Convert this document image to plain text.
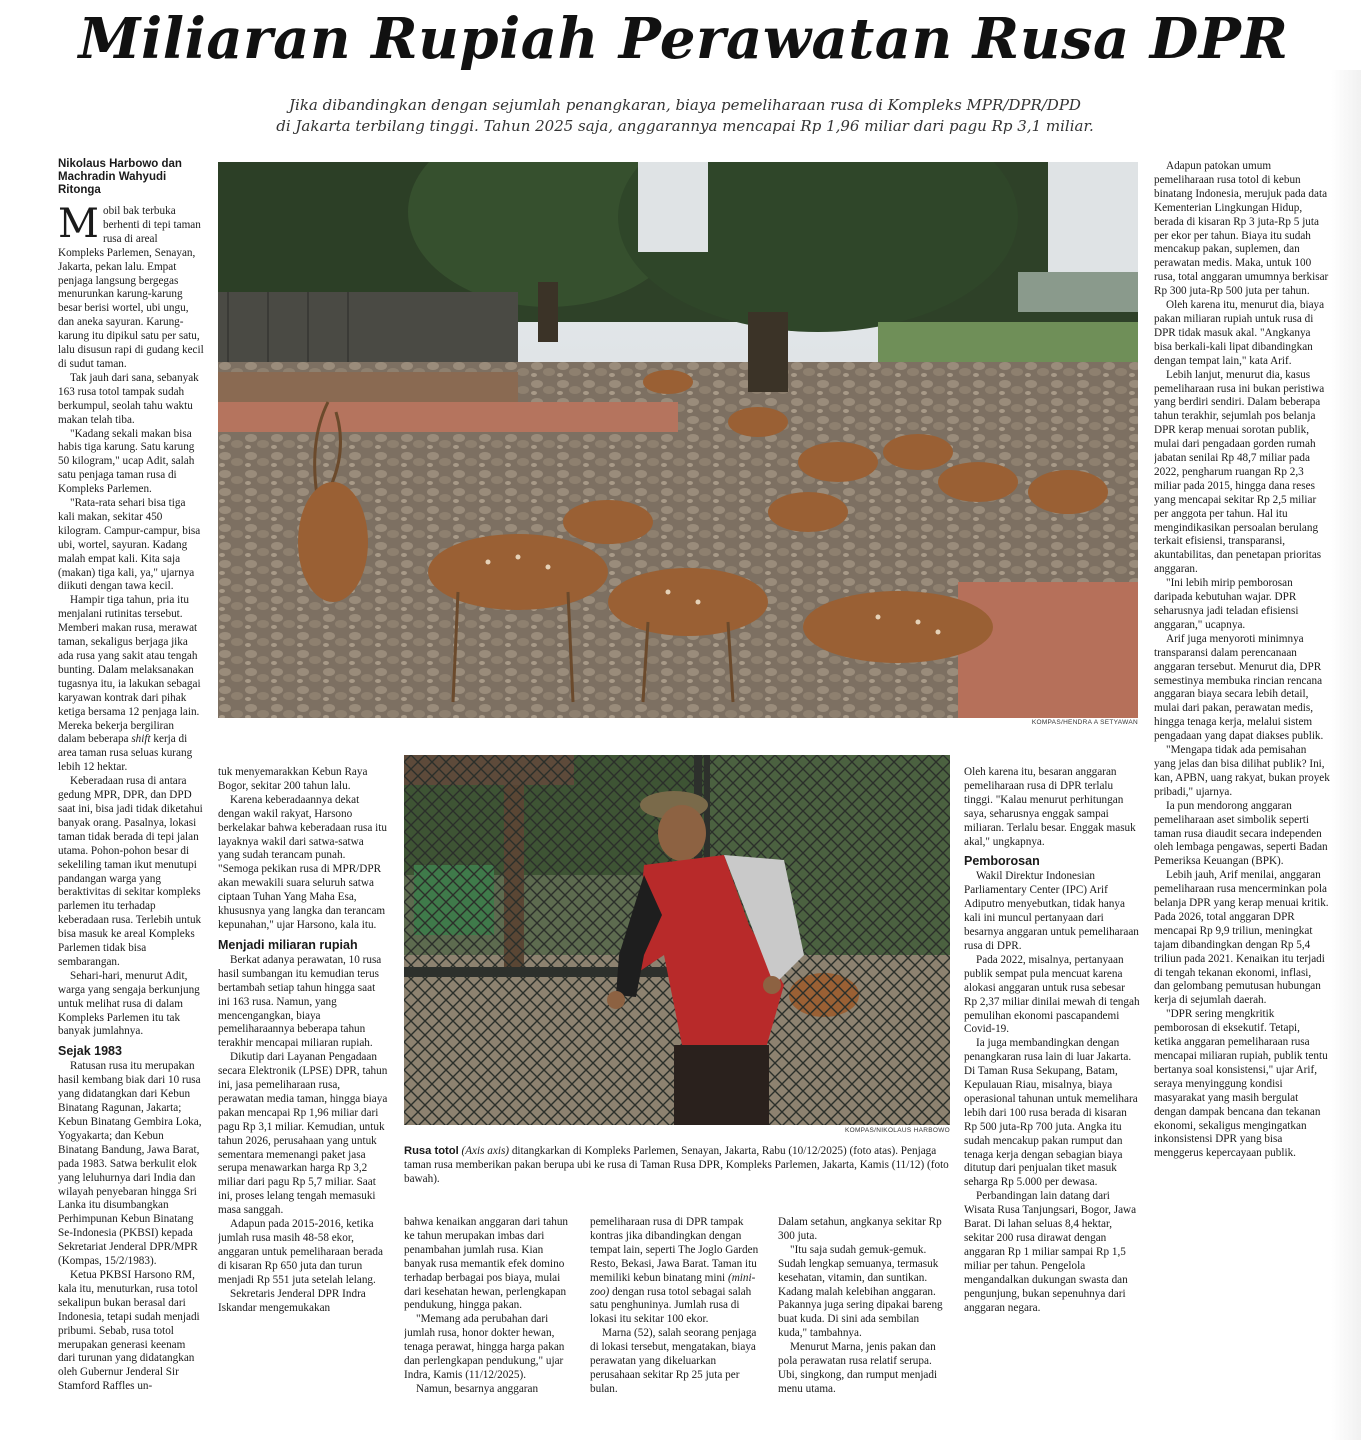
Miliaran Rupiah Perawatan Rusa DPR
Jika dibandingkan dengan sejumlah penangkaran, biaya pemeliharaan rusa di Kompleks MPR/DPR/DPD
di Jakarta terbilang tinggi. Tahun 2025 saja, anggarannya mencapai Rp 1,96 miliar dari pagu Rp 3,1 miliar.
KOMPAS/HENDRA A SETYAWAN
KOMPAS/NIKOLAUS HARBOWO
Rusa totol (Axis axis) ditangkarkan di Kompleks Parlemen, Senayan, Jakarta, Rabu (10/12/2025) (foto atas). Penjaga taman rusa memberikan pakan berupa ubi ke rusa di Taman Rusa DPR, Kompleks Parlemen, Jakarta, Kamis (11/12) (foto bawah).
Nikolaus Harbowo dan Machradin Wahyudi Ritonga

Mobil bak terbuka berhenti di tepi taman rusa di areal Kompleks Parlemen, Senayan, Jakarta, pekan lalu. Empat penjaga langsung bergegas menurunkan karung-karung besar berisi wortel, ubi ungu, dan aneka sayuran. Karung-karung itu dipikul satu per satu, lalu disusun rapi di gudang kecil di sudut taman.

Tak jauh dari sana, sebanyak 163 rusa totol tampak sudah berkumpul, seolah tahu waktu makan telah tiba.

"Kadang sekali makan bisa habis tiga karung. Satu karung 50 kilogram," ucap Adit, salah satu penjaga taman rusa di Kompleks Parlemen.

"Rata-rata sehari bisa tiga kali makan, sekitar 450 kilogram. Campur-campur, bisa ubi, wortel, sayuran. Kadang malah empat kali. Kita saja (makan) tiga kali, ya," ujarnya diikuti dengan tawa kecil.

Hampir tiga tahun, pria itu menjalani rutinitas tersebut. Memberi makan rusa, merawat taman, sekaligus berjaga jika ada rusa yang sakit atau tengah bunting. Dalam melaksanakan tugasnya itu, ia lakukan sebagai karyawan kontrak dari pihak ketiga bersama 12 penjaga lain. Mereka bekerja bergiliran dalam beberapa shift kerja di area taman rusa seluas kurang lebih 12 hektar.

Keberadaan rusa di antara gedung MPR, DPR, dan DPD saat ini, bisa jadi tidak diketahui banyak orang. Pasalnya, lokasi taman tidak berada di tepi jalan utama. Pohon-pohon besar di sekeliling taman ikut menutupi pandangan warga yang beraktivitas di sekitar kompleks parlemen itu terhadap keberadaan rusa. Terlebih untuk bisa masuk ke areal Kompleks Parlemen tidak bisa sembarangan.

Sehari-hari, menurut Adit, warga yang sengaja berkunjung untuk melihat rusa di dalam Kompleks Parlemen itu tak banyak jumlahnya.

Sejak 1983

Ratusan rusa itu merupakan hasil kembang biak dari 10 rusa yang didatangkan dari Kebun Binatang Ragunan, Jakarta; Kebun Binatang Gembira Loka, Yogyakarta; dan Kebun Binatang Bandung, Jawa Barat, pada 1983. Satwa berkulit elok yang leluhurnya dari India dan wilayah penyebaran hingga Sri Lanka itu disumbangkan Perhimpunan Kebun Binatang Se-Indonesia (PKBSI) kepada Sekretariat Jenderal DPR/MPR (Kompas, 15/2/1983).

Ketua PKBSI Harsono RM, kala itu, menuturkan, rusa totol sekalipun bukan berasal dari Indonesia, tetapi sudah menjadi pribumi. Sebab, rusa totol merupakan generasi keenam dari turunan yang didatangkan oleh Gubernur Jenderal Sir Stamford Raffles un-

tuk menyemarakkan Kebun Raya Bogor, sekitar 200 tahun lalu.

Karena keberadaannya dekat dengan wakil rakyat, Harsono berkelakar bahwa keberadaan rusa itu layaknya wakil dari satwa-satwa yang sudah terancam punah. "Semoga pekikan rusa di MPR/DPR akan mewakili suara seluruh satwa ciptaan Tuhan Yang Maha Esa, khususnya yang langka dan terancam kepunahan," ujar Harsono, kala itu.

Menjadi miliaran rupiah

Berkat adanya perawatan, 10 rusa hasil sumbangan itu kemudian terus bertambah setiap tahun hingga saat ini 163 rusa. Namun, yang mencengangkan, biaya pemeliharaannya beberapa tahun terakhir mencapai miliaran rupiah.

Dikutip dari Layanan Pengadaan secara Elektronik (LPSE) DPR, tahun ini, jasa pemeliharaan rusa, perawatan media taman, hingga biaya pakan mencapai Rp 1,96 miliar dari pagu Rp 3,1 miliar. Kemudian, untuk tahun 2026, perusahaan yang untuk sementara memenangi paket jasa serupa menawarkan harga Rp 3,2 miliar dari pagu Rp 5,7 miliar. Saat ini, proses lelang tengah memasuki masa sanggah.

Adapun pada 2015-2016, ketika jumlah rusa masih 48-58 ekor, anggaran untuk pemeliharaan berada di kisaran Rp 650 juta dan turun menjadi Rp 551 juta setelah lelang.

Sekretaris Jenderal DPR Indra Iskandar mengemukakan

bahwa kenaikan anggaran dari tahun ke tahun merupakan imbas dari penambahan jumlah rusa. Kian banyak rusa memantik efek domino terhadap berbagai pos biaya, mulai dari kesehatan hewan, perlengkapan pendukung, hingga pakan.

"Memang ada perubahan dari jumlah rusa, honor dokter hewan, tenaga perawat, hingga harga pakan dan perlengkapan pendukung," ujar Indra, Kamis (11/12/2025).

Namun, besarnya anggaran

pemeliharaan rusa di DPR tampak kontras jika dibandingkan dengan tempat lain, seperti The Joglo Garden Resto, Bekasi, Jawa Barat. Taman itu memiliki kebun binatang mini (mini-zoo) dengan rusa totol sebagai salah satu penghuninya. Jumlah rusa di lokasi itu sekitar 100 ekor.

Marna (52), salah seorang penjaga di lokasi tersebut, mengatakan, biaya perawatan yang dikeluarkan perusahaan sekitar Rp 25 juta per bulan.

Dalam setahun, angkanya sekitar Rp 300 juta.

"Itu saja sudah gemuk-gemuk. Sudah lengkap semuanya, termasuk kesehatan, vitamin, dan suntikan. Kadang malah kelebihan anggaran. Pakannya juga sering dipakai bareng buat kuda. Di sini ada sembilan kuda," tambahnya.

Menurut Marna, jenis pakan dan pola perawatan rusa relatif serupa. Ubi, singkong, dan rumput menjadi menu utama.

Oleh karena itu, besaran anggaran pemeliharaan rusa di DPR terlalu tinggi. "Kalau menurut perhitungan saya, seharusnya enggak sampai miliaran. Terlalu besar. Enggak masuk akal," ungkapnya.

Pemborosan

Wakil Direktur Indonesian Parliamentary Center (IPC) Arif Adiputro menyebutkan, tidak hanya kali ini muncul pertanyaan dari besarnya anggaran untuk pemeliharaan rusa di DPR.

Pada 2022, misalnya, pertanyaan publik sempat pula mencuat karena alokasi anggaran untuk rusa sebesar Rp 2,37 miliar dinilai mewah di tengah pemulihan ekonomi pascapandemi Covid-19.

Ia juga membandingkan dengan penangkaran rusa lain di luar Jakarta. Di Taman Rusa Sekupang, Batam, Kepulauan Riau, misalnya, biaya operasional tahunan untuk memelihara lebih dari 100 rusa berada di kisaran Rp 500 juta-Rp 700 juta. Angka itu sudah mencakup pakan rumput dan tenaga kerja dengan sebagian biaya ditutup dari penjualan tiket masuk seharga Rp 5.000 per dewasa.

Perbandingan lain datang dari Wisata Rusa Tanjungsari, Bogor, Jawa Barat. Di lahan seluas 8,4 hektar, sekitar 200 rusa dirawat dengan anggaran Rp 1 miliar sampai Rp 1,5 miliar per tahun. Pengelola mengandalkan dukungan swasta dan pengunjung, bukan sepenuhnya dari anggaran negara.

Adapun patokan umum pemeliharaan rusa totol di kebun binatang Indonesia, merujuk pada data Kementerian Lingkungan Hidup, berada di kisaran Rp 3 juta-Rp 5 juta per ekor per tahun. Biaya itu sudah mencakup pakan, suplemen, dan perawatan medis. Maka, untuk 100 rusa, total anggaran umumnya berkisar Rp 300 juta-Rp 500 juta per tahun.

Oleh karena itu, menurut dia, biaya pakan miliaran rupiah untuk rusa di DPR tidak masuk akal. "Angkanya bisa berkali-kali lipat dibandingkan dengan tempat lain," kata Arif.

Lebih lanjut, menurut dia, kasus pemeliharaan rusa ini bukan peristiwa yang berdiri sendiri. Dalam beberapa tahun terakhir, sejumlah pos belanja DPR kerap menuai sorotan publik, mulai dari pengadaan gorden rumah jabatan senilai Rp 48,7 miliar pada 2022, pengharum ruangan Rp 2,3 miliar pada 2015, hingga dana reses yang mencapai sekitar Rp 2,5 miliar per anggota per tahun. Hal itu mengindikasikan persoalan berulang terkait efisiensi, transparansi, akuntabilitas, dan penetapan prioritas anggaran.

"Ini lebih mirip pemborosan daripada kebutuhan wajar. DPR seharusnya jadi teladan efisiensi anggaran," ucapnya.

Arif juga menyoroti minimnya transparansi dalam perencanaan anggaran tersebut. Menurut dia, DPR semestinya membuka rincian rencana anggaran biaya secara lebih detail, mulai dari pakan, perawatan medis, hingga tenaga kerja, melalui sistem pengadaan yang dapat diakses publik.

"Mengapa tidak ada pemisahan yang jelas dan bisa dilihat publik? Ini, kan, APBN, uang rakyat, bukan proyek pribadi," ujarnya.

Ia pun mendorong anggaran pemeliharaan aset simbolik seperti taman rusa diaudit secara independen oleh lembaga pengawas, seperti Badan Pemeriksa Keuangan (BPK).

Lebih jauh, Arif menilai, anggaran pemeliharaan rusa mencerminkan pola belanja DPR yang kerap menuai kritik. Pada 2026, total anggaran DPR mencapai Rp 9,9 triliun, meningkat tajam dibandingkan dengan Rp 5,4 triliun pada 2021. Kenaikan itu terjadi di tengah tekanan ekonomi, inflasi, dan gelombang pemutusan hubungan kerja di sejumlah daerah.

"DPR sering mengkritik pemborosan di eksekutif. Tetapi, ketika anggaran pemeliharaan rusa mencapai miliaran rupiah, publik tentu bertanya soal konsistensi," ujar Arif, seraya menyinggung kondisi masyarakat yang masih bergulat dengan dampak bencana dan tekanan ekonomi, sekaligus mengingatkan inkonsistensi DPR yang bisa menggerus kepercayaan publik.
